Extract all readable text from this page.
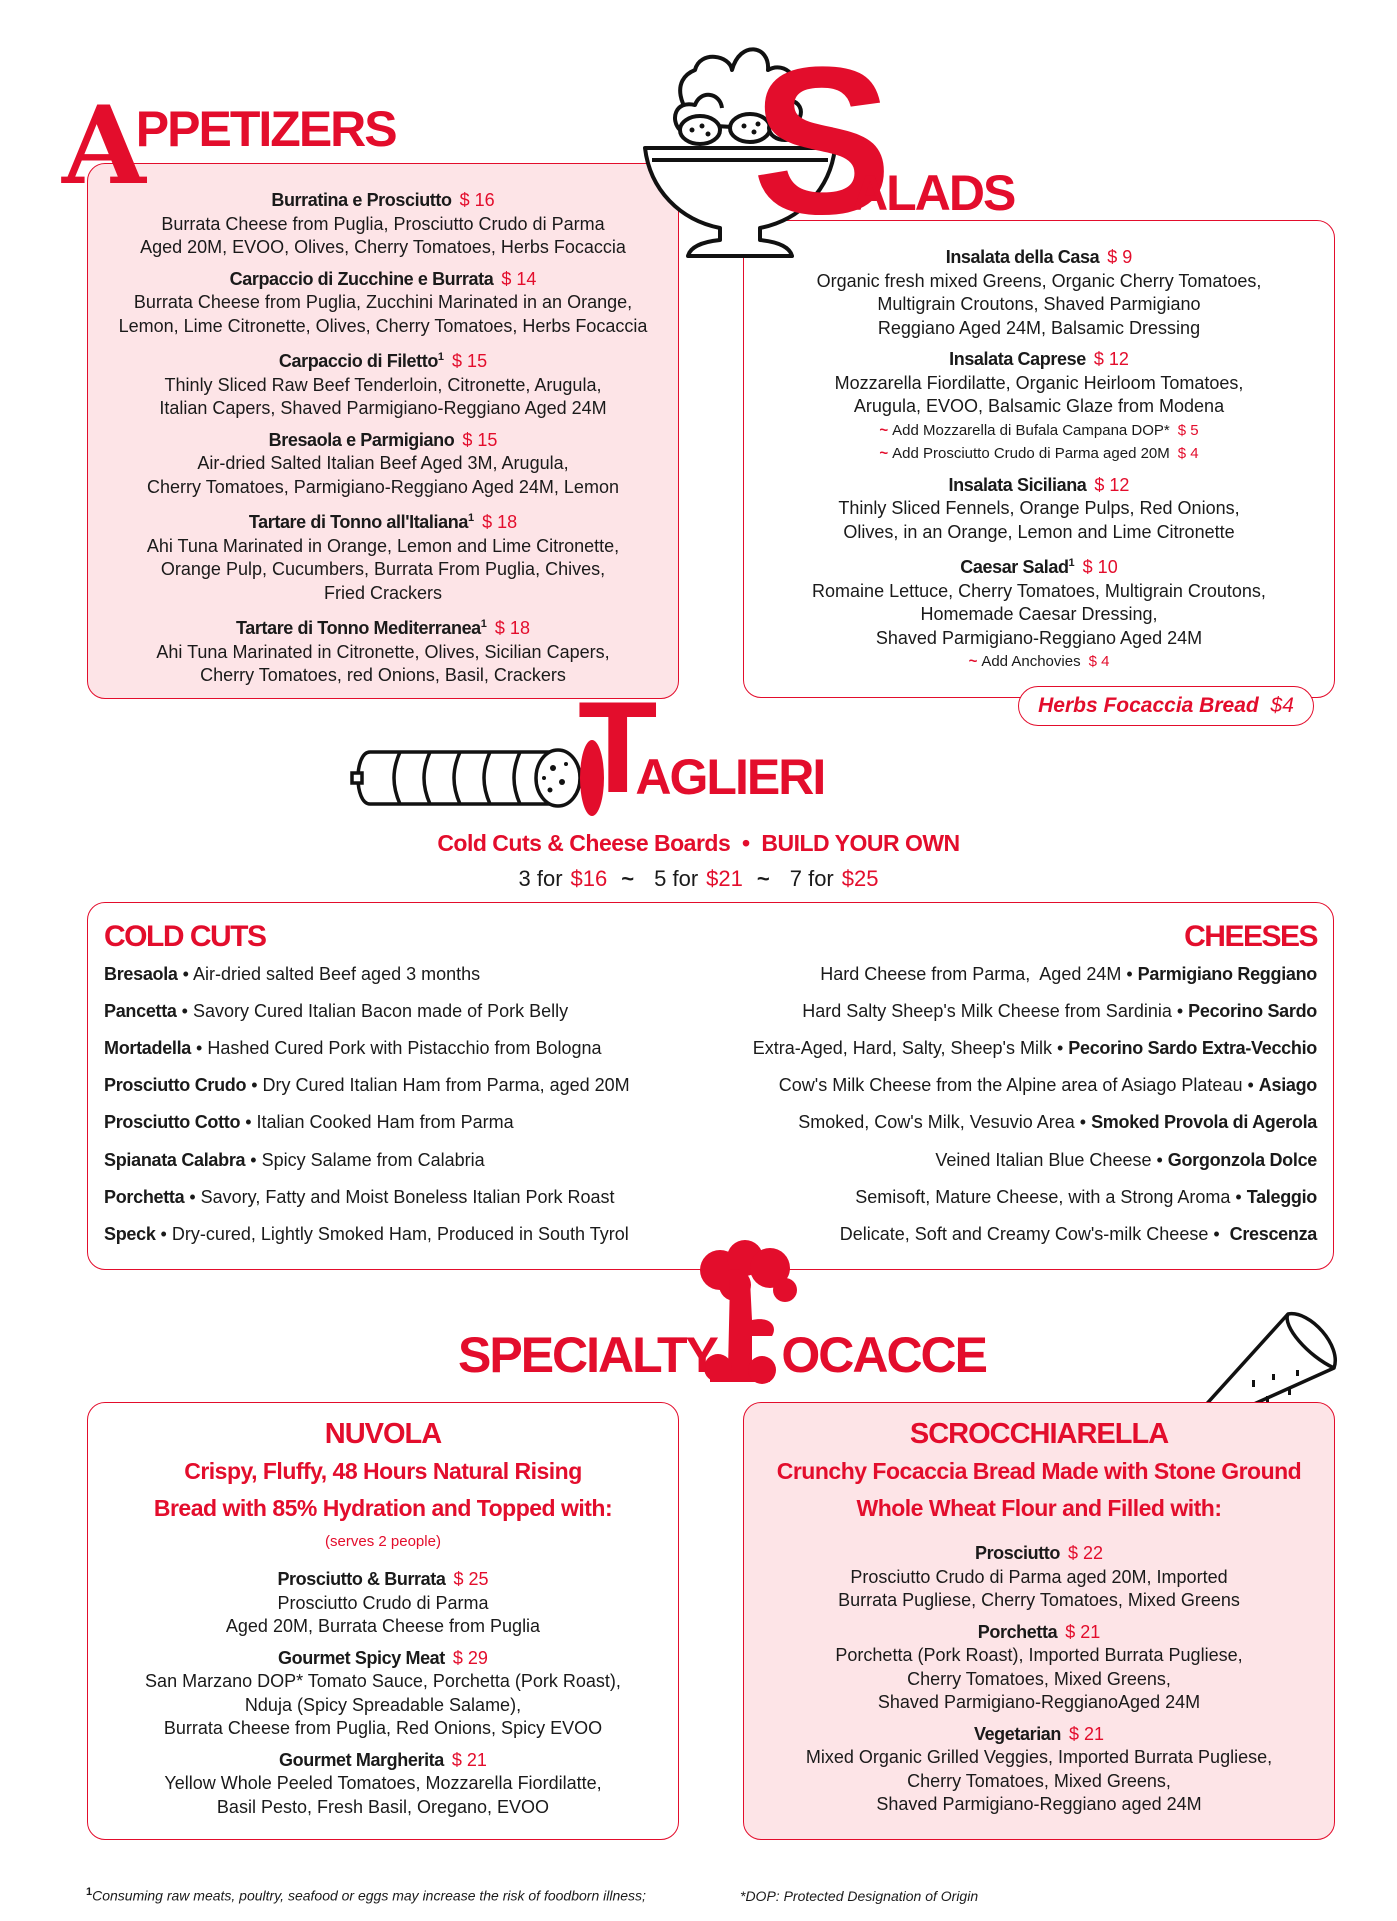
APPETIZERS
Burratina e Prosciutto $ 16
Burrata Cheese from Puglia, Prosciutto Crudo di Parma
Aged 20M, EVOO, Olives, Cherry Tomatoes, Herbs Focaccia
Carpaccio di Zucchine e Burrata $ 14
Burrata Cheese from Puglia, Zucchini Marinated in an Orange,
Lemon, Lime Citronette, Olives, Cherry Tomatoes, Herbs Focaccia
Carpaccio di Filetto$^1$ $ 15
Thinly Sliced Raw Beef Tenderloin, Citronette, Arugula,
Italian Capers, Shaved Parmigiano-Reggiano Aged 24M
Bresaola e Parmigiano $ 15
Air-dried Salted Italian Beef Aged 3M, Arugula,
Cherry Tomatoes, Parmigiano-Reggiano Aged 24M, Lemon
Tartare di Tonno all'Italiana$^1$ $ 18
Ahi Tuna Marinated in Orange, Lemon and Lime Citronette,
Orange Pulp, Cucumbers, Burrata From Puglia, Chives,
Fried Crackers
Tartare di Tonno Mediterranea$^1$ $ 18
Ahi Tuna Marinated in Citronette, Olives, Sicilian Capers,
Cherry Tomatoes, red Onions, Basil, Crackers
SALADS
Insalata della Casa $ 9
Organic fresh mixed Greens, Organic Cherry Tomatoes,
Multigrain Croutons, Shaved Parmigiano
Reggiano Aged 24M, Balsamic Dressing
Insalata Caprese $ 12
Mozzarella Fiordilatte, Organic Heirloom Tomatoes,
Arugula, EVOO, Balsamic Glaze from Modena
~ Add Mozzarella di Bufala Campana DOP* $ 5
~ Add Prosciutto Crudo di Parma aged 20M $ 4
Insalata Siciliana $ 12
Thinly Sliced Fennels, Orange Pulps, Red Onions,
Olives, in an Orange, Lemon and Lime Citronette
Caesar Salad$^1$ $ 10
Romaine Lettuce, Cherry Tomatoes, Multigrain Croutons,
Homemade Caesar Dressing,
Shaved Parmigiano-Reggiano Aged 24M
~ Add Anchovies $ 4
Herbs Focaccia Bread $4
TAGLIERI
Cold Cuts & Cheese Boards  •  BUILD YOUR OWN
3 for $16 ~ 5 for $21 ~ 7 for $25
COLD CUTS	CHEESES
Bresaola • Air-dried salted Beef aged 3 months
Pancetta • Savory Cured Italian Bacon made of Pork Belly
Mortadella • Hashed Cured Pork with Pistacchio from Bologna
Prosciutto Crudo • Dry Cured Italian Ham from Parma, aged 20M
Prosciutto Cotto • Italian Cooked Ham from Parma
Spianata Calabra • Spicy Salame from Calabria
Porchetta • Savory, Fatty and Moist Boneless Italian Pork Roast
Speck • Dry-cured, Lightly Smoked Ham, Produced in South Tyrol
Hard Cheese from Parma,  Aged 24M • Parmigiano Reggiano
Hard Salty Sheep's Milk Cheese from Sardinia • Pecorino Sardo
Extra-Aged, Hard, Salty, Sheep's Milk • Pecorino Sardo Extra-Vecchio
Cow's Milk Cheese from the Alpine area of Asiago Plateau • Asiago
Smoked, Cow's Milk, Vesuvio Area • Smoked Provola di Agerola
Veined Italian Blue Cheese • Gorgonzola Dolce
Semisoft, Mature Cheese, with a Strong Aroma • Taleggio
Delicate, Soft and Creamy Cow's-milk Cheese •  Crescenza
SPECIALTY OCACCE
NUVOLA
Crispy, Fluffy, 48 Hours Natural Rising
Bread with 85% Hydration and Topped with:
(serves 2 people)
Prosciutto & Burrata $ 25
Prosciutto Crudo di Parma
Aged 20M, Burrata Cheese from Puglia
Gourmet Spicy Meat $ 29
San Marzano DOP* Tomato Sauce, Porchetta (Pork Roast),
Nduja (Spicy Spreadable Salame),
Burrata Cheese from Puglia, Red Onions, Spicy EVOO
Gourmet Margherita $ 21
Yellow Whole Peeled Tomatoes, Mozzarella Fiordilatte,
Basil Pesto, Fresh Basil, Oregano, EVOO
SCROCCHIARELLA
Crunchy Focaccia Bread Made with Stone Ground
Whole Wheat Flour and Filled with:
Prosciutto $ 22
Prosciutto Crudo di Parma aged 20M, Imported
Burrata Pugliese, Cherry Tomatoes, Mixed Greens
Porchetta $ 21
Porchetta (Pork Roast), Imported Burrata Pugliese,
Cherry Tomatoes, Mixed Greens,
Shaved Parmigiano-ReggianoAged 24M
Vegetarian $ 21
Mixed Organic Grilled Veggies, Imported Burrata Pugliese,
Cherry Tomatoes, Mixed Greens,
Shaved Parmigiano-Reggiano aged 24M
$^1$Consuming raw meats, poultry, seafood or eggs may increase the risk of foodborn illness;	*DOP: Protected Designation of Origin
